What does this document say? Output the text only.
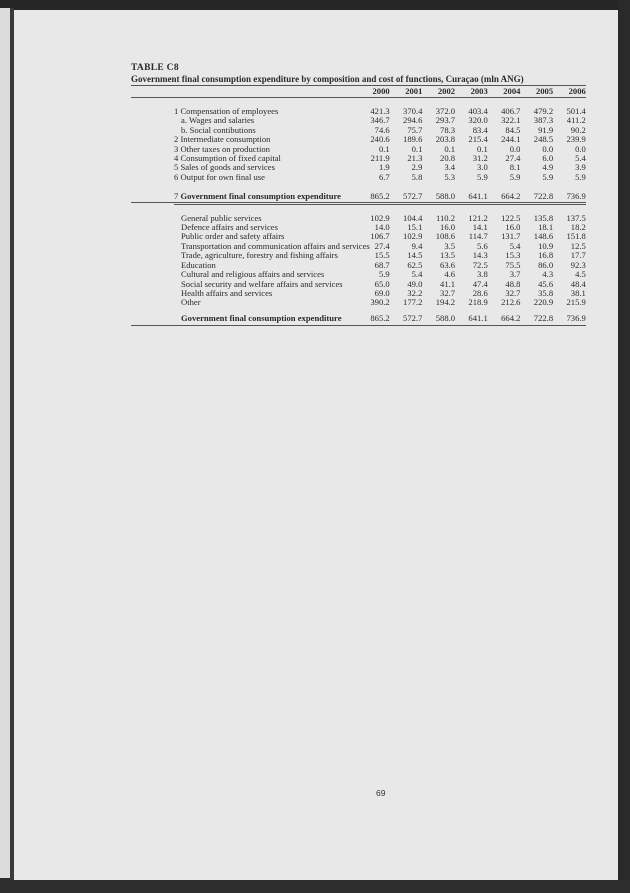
TABLE C8
Government final consumption expenditure by composition and cost of functions, Curaçao (mln ANG)
2000	2001	2002	2003	2004	2005	2006
1 Compensation of employees	421.3	370.4	372.0	403.4	406.7	479.2	501.4
a. Wages and salaries	346.7	294.6	293.7	320.0	322.1	387.3	411.2
b. Social contibutions	74.6	75.7	78.3	83.4	84.5	91.9	90.2
2 Intermediate consumption	240.6	189.6	203.8	215.4	244.1	248.5	239.9
3 Other taxes on production	0.1	0.1	0.1	0.1	0.0	0.0	0.0
4 Consumption of fixed capital	211.9	21.3	20.8	31.2	27.4	6.0	5.4
5 Sales of goods and services	1.9	2.9	3.4	3.0	8.1	4.9	3.9
6 Output for own final use	6.7	5.8	5.3	5.9	5.9	5.9	5.9
7 Government final consumption expenditure	865.2	572.7	588.0	641.1	664.2	722.8	736.9
General public services	102.9	104.4	110.2	121.2	122.5	135.8	137.5
Defence affairs and services	14.0	15.1	16.0	14.1	16.0	18.1	18.2
Public order and safety affairs	106.7	102.9	108.6	114.7	131.7	148.6	151.8
Transportation and communication affairs and services 27.4	9.4	3.5	5.6	5.4	10.9	12.5
Trade, agriculture, forestry and fishing affairs	15.5	14.5	13.5	14.3	15.3	16.8	17.7
Education	68.7	62.5	63.6	72.5	75.5	86.0	92.3
Cultural and religious affairs and services	5.9	5.4	4.6	3.8	3.7	4.3	4.5
Social security and welfare affairs and services	65.0	49.0	41.1	47.4	48.8	45.6	48.4
Health affairs and services	69.0	32.2	32.7	28.6	32.7	35.8	38.1
Other	390.2	177.2	194.2	218.9	212.6	220.9	215.9
Government final consumption expenditure	865.2	572.7	588.0	641.1	664.2	722.8	736.9
69
